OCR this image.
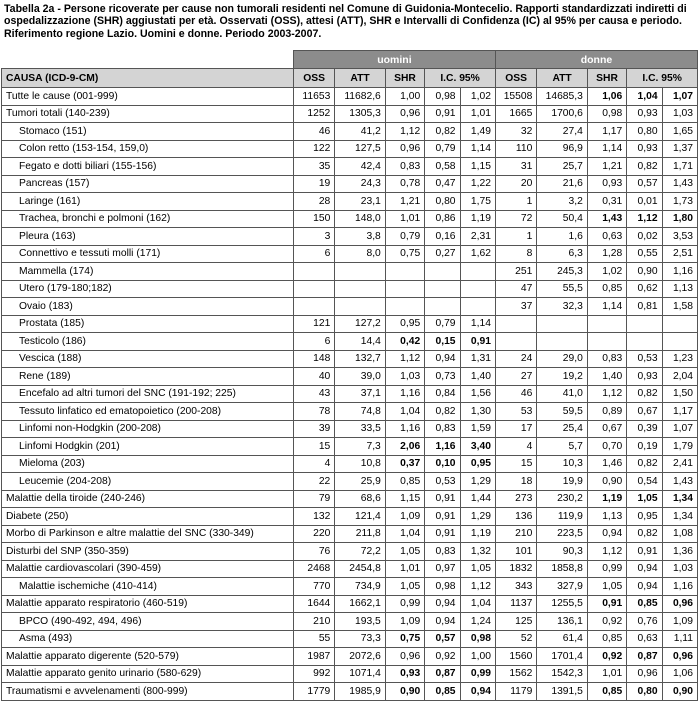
Tabella 2a - Persone ricoverate per cause non tumorali residenti nel Comune di Guidonia-Montecelio. Rapporti standardizzati indiretti di ospedalizzazione (SHR) aggiustati per età. Osservati (OSS), attesi (ATT), SHR e Intervalli di Confidenza (IC) al 95% per causa e periodo. Riferimento regione Lazio. Uomini e donne. Periodo 2003-2007.
	uomini					donne				
CAUSA (ICD-9-CM)	OSS	ATT	SHR	I.C. 95%		OSS	ATT	SHR	I.C. 95%	
Tutte le cause (001-999)	11653	11682,6	1,00	0,98	1,02	15508	14685,3	1,06	1,04	1,07
Tumori totali (140-239)	1252	1305,3	0,96	0,91	1,01	1665	1700,6	0,98	0,93	1,03
Stomaco (151)	46	41,2	1,12	0,82	1,49	32	27,4	1,17	0,80	1,65
Colon retto (153-154, 159,0)	122	127,5	0,96	0,79	1,14	110	96,9	1,14	0,93	1,37
Fegato e dotti biliari (155-156)	35	42,4	0,83	0,58	1,15	31	25,7	1,21	0,82	1,71
Pancreas (157)	19	24,3	0,78	0,47	1,22	20	21,6	0,93	0,57	1,43
Laringe (161)	28	23,1	1,21	0,80	1,75	1	3,2	0,31	0,01	1,73
Trachea, bronchi e polmoni (162)	150	148,0	1,01	0,86	1,19	72	50,4	1,43	1,12	1,80
Pleura (163)	3	3,8	0,79	0,16	2,31	1	1,6	0,63	0,02	3,53
Connettivo e tessuti molli (171)	6	8,0	0,75	0,27	1,62	8	6,3	1,28	0,55	2,51
Mammella (174)						251	245,3	1,02	0,90	1,16
Utero (179-180;182)						47	55,5	0,85	0,62	1,13
Ovaio (183)						37	32,3	1,14	0,81	1,58
Prostata (185)	121	127,2	0,95	0,79	1,14					
Testicolo (186)	6	14,4	0,42	0,15	0,91					
Vescica (188)	148	132,7	1,12	0,94	1,31	24	29,0	0,83	0,53	1,23
Rene (189)	40	39,0	1,03	0,73	1,40	27	19,2	1,40	0,93	2,04
Encefalo ad altri tumori del SNC (191-192; 225)	43	37,1	1,16	0,84	1,56	46	41,0	1,12	0,82	1,50
Tessuto linfatico ed ematopoietico (200-208)	78	74,8	1,04	0,82	1,30	53	59,5	0,89	0,67	1,17
Linfomi non-Hodgkin (200-208)	39	33,5	1,16	0,83	1,59	17	25,4	0,67	0,39	1,07
Linfomi Hodgkin (201)	15	7,3	2,06	1,16	3,40	4	5,7	0,70	0,19	1,79
Mieloma (203)	4	10,8	0,37	0,10	0,95	15	10,3	1,46	0,82	2,41
Leucemie (204-208)	22	25,9	0,85	0,53	1,29	18	19,9	0,90	0,54	1,43
Malattie della tiroide (240-246)	79	68,6	1,15	0,91	1,44	273	230,2	1,19	1,05	1,34
Diabete (250)	132	121,4	1,09	0,91	1,29	136	119,9	1,13	0,95	1,34
Morbo di Parkinson e altre malattie del SNC (330-349)	220	211,8	1,04	0,91	1,19	210	223,5	0,94	0,82	1,08
Disturbi del SNP (350-359)	76	72,2	1,05	0,83	1,32	101	90,3	1,12	0,91	1,36
Malattie cardiovascolari (390-459)	2468	2454,8	1,01	0,97	1,05	1832	1858,8	0,99	0,94	1,03
Malattie ischemiche (410-414)	770	734,9	1,05	0,98	1,12	343	327,9	1,05	0,94	1,16
Malattie apparato respiratorio (460-519)	1644	1662,1	0,99	0,94	1,04	1137	1255,5	0,91	0,85	0,96
BPCO (490-492, 494, 496)	210	193,5	1,09	0,94	1,24	125	136,1	0,92	0,76	1,09
Asma (493)	55	73,3	0,75	0,57	0,98	52	61,4	0,85	0,63	1,11
Malattie apparato digerente (520-579)	1987	2072,6	0,96	0,92	1,00	1560	1701,4	0,92	0,87	0,96
Malattie apparato genito urinario (580-629)	992	1071,4	0,93	0,87	0,99	1562	1542,3	1,01	0,96	1,06
Traumatismi e avvelenamenti (800-999)	1779	1985,9	0,90	0,85	0,94	1179	1391,5	0,85	0,80	0,90
